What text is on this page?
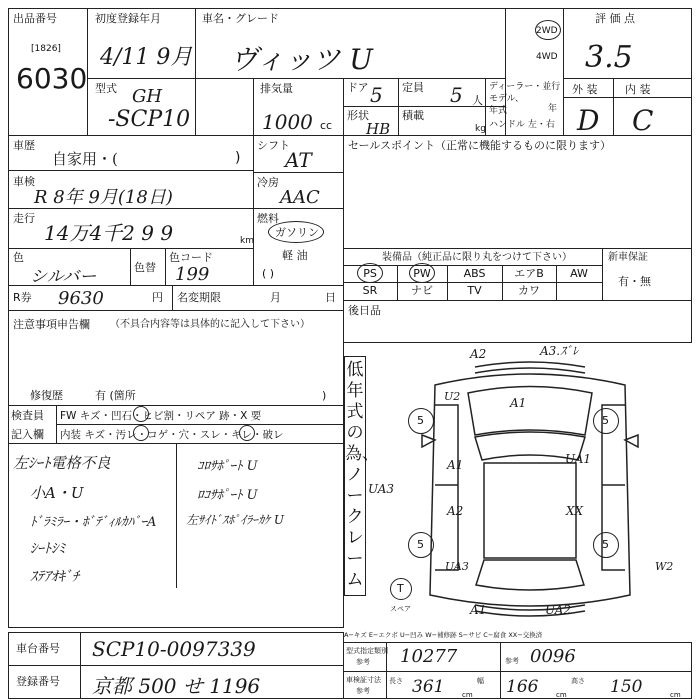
出品番号
[1826]
6030
初度登録年月
4/11 9月
車名・グレード
ヴィッツ U
2WD
4WD
評 価 点
3.5
外 装	内 装
D C
型式 GH
-SCP10
排気量
1000 cc
ドア 5 定員 5 人
形状
HB
積載
kg
ディーラー・並行
モデル、
年式	年
ハンドル 左・右
車歴
自家用・(	)
車検
R 8年 9月(18日)
走行
14万4千2 9 9	km
シフト
AT
冷房
AAC
燃料
ガソリン
軽 油
( )
色
シルバー	色替
色コード
199
R券 9630	円 名変期限	月	日
注意事項申告欄 （不具合内容等は具体的に記入して下さい）
修復歴	有 (箇所	)
検査員
記入欄
FW キズ・凹石・ヒビ割・リペア 跡・X 要
内装 キズ・汚レ・コゲ・穴・スレ・キレ・破レ
左ｼｰﾄ電格不良
小A・U
ﾄﾞﾗﾐﾗｰ・ﾎﾞﾃﾞｨﾙｶﾊﾞｰA
ｼｰﾄｼﾐ
ｽﾃｱｵｷﾞﾁ
ｺﾛｻﾎﾟｰﾄ U
ﾛｺｻﾎﾟｰﾄ U
左ｻｲﾄﾞｽﾎﾟｲﾗｰｶｹ U
セールスポイント（正常に機能するものに限ります）
装備品（純正品に限り丸をつけて下さい）	新車保証
有・無
PS	PW	ABS	エアB	AW
SR	ナビ	TV	カワ
後日品
低年式の為、ノークレーム
5	5
5	5
T
スペア
A2	A3.ｽﾞﾚ
U2	A1
A1	UA1
UA3
A2	XX
UA3
A1	UA2
W2
A−キズ E−エクボ U−凹み W−補修跡 S−サビ C−腐食 XX−交換済
車台番号 SCP10-0097339
登録番号 京都 500 せ 1196
型式指定類別
参考 10277	参考 0096
車検証寸法
参考
長さ 361	cm
幅 166	cm
高さ 150	cm
